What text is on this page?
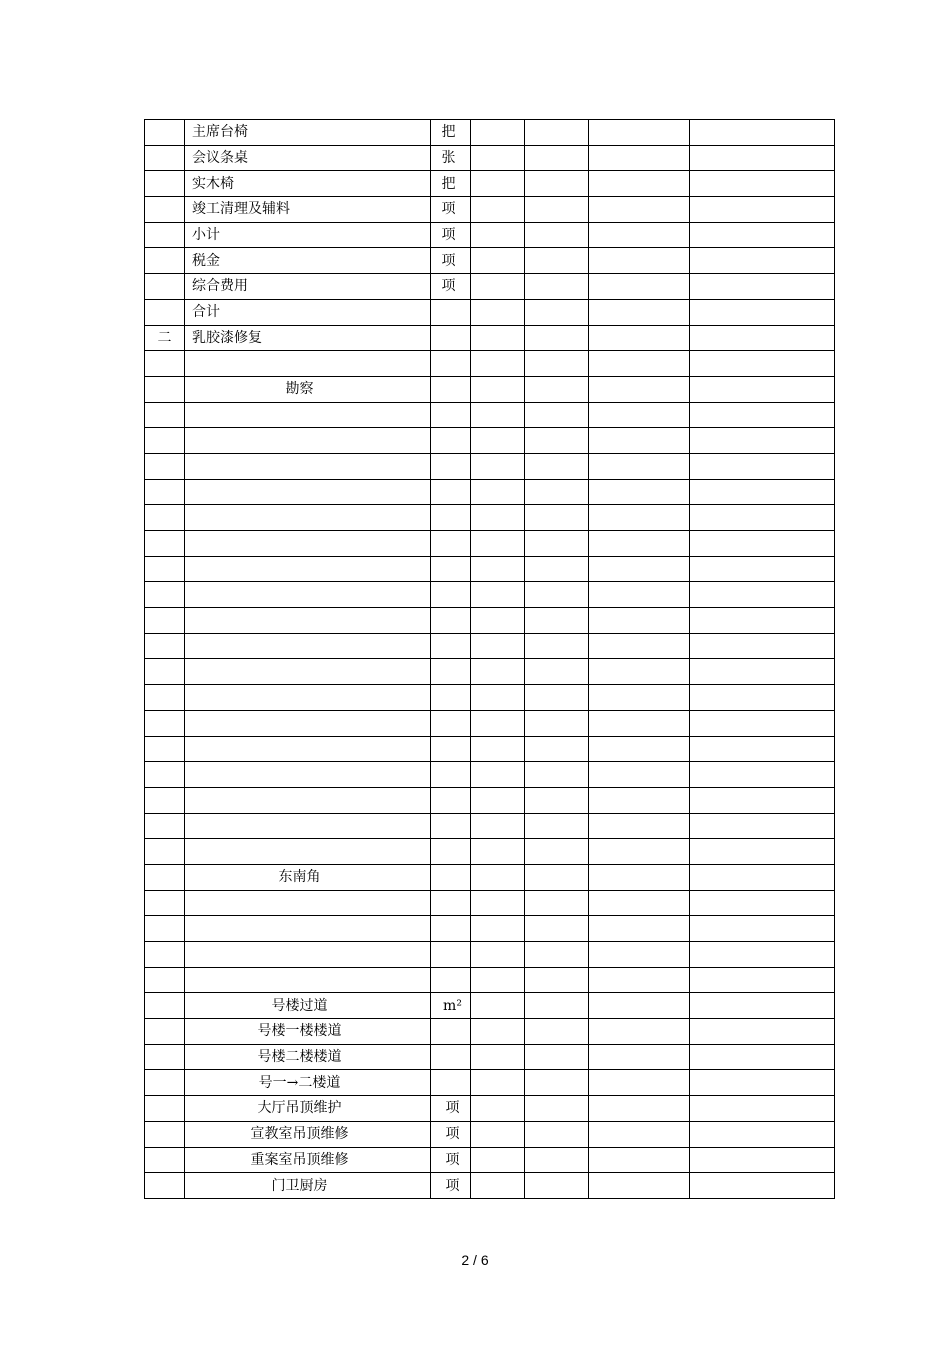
	主席台椅	把				
	会议条桌	张				
	实木椅	把				
	竣工清理及辅料	项				
	小计	项				
	税金	项				
	综合费用	项				
	合计					
二	乳胶漆修复					

	勘察					

	东南角					

	号楼过道	m²				
	号楼一楼楼道					
	号楼二楼楼道					
	号一→二楼道					
	大厅吊顶维护	项				
	宣教室吊顶维修	项				
	重案室吊顶维修	项				
	门卫厨房	项				
2 / 6
